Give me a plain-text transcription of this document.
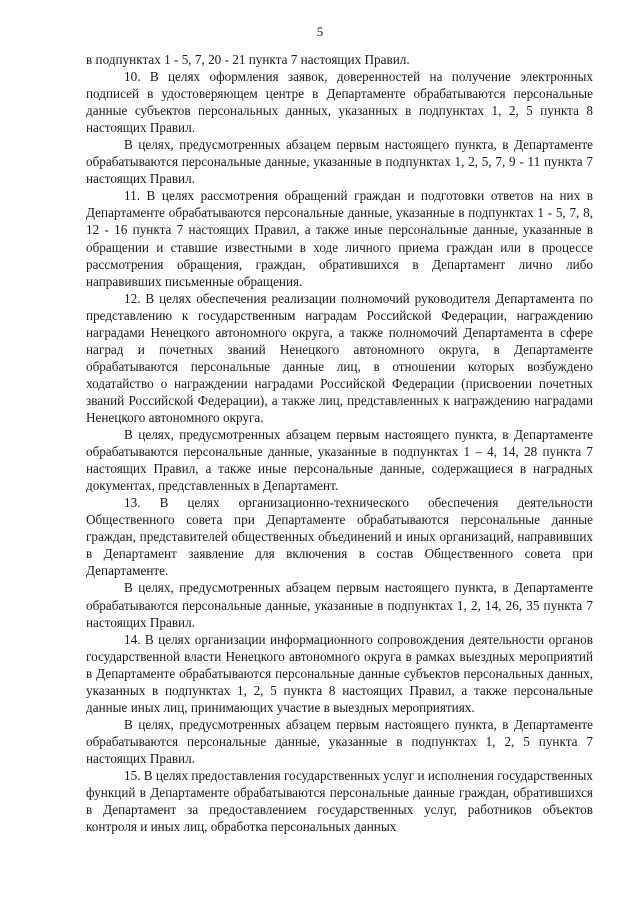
5

в подпунктах 1 - 5, 7, 20 - 21 пункта 7 настоящих Правил.

10. В целях оформления заявок, доверенностей на получение электронных подписей в удостоверяющем центре в Департаменте обрабатываются персональные данные субъектов персональных данных, указанных в подпунктах 1, 2, 5 пункта 8 настоящих Правил.

В целях, предусмотренных абзацем первым настоящего пункта, в Департаменте обрабатываются персональные данные, указанные в подпунктах 1, 2, 5, 7, 9 - 11 пункта 7 настоящих Правил.

11. В целях рассмотрения обращений граждан и подготовки ответов на них в Департаменте обрабатываются персональные данные, указанные в подпунктах 1 - 5, 7, 8, 12 - 16 пункта 7 настоящих Правил, а также иные персональные данные, указанные в обращении и ставшие известными в ходе личного приема граждан или в процессе рассмотрения обращения, граждан, обратившихся в Департамент лично либо направивших письменные обращения.

12. В целях обеспечения реализации полномочий руководителя Департамента по представлению к государственным наградам Российской Федерации, награждению наградами Ненецкого автономного округа, а также полномочий Департамента в сфере наград и почетных званий Ненецкого автономного округа, в Департаменте обрабатываются персональные данные лиц, в отношении которых возбуждено ходатайство о награждении наградами Российской Федерации (присвоении почетных званий Российской Федерации), а также лиц, представленных к награждению наградами Ненецкого автономного округа.

В целях, предусмотренных абзацем первым настоящего пункта, в Департаменте обрабатываются персональные данные, указанные в подпунктах 1 – 4, 14, 28 пункта 7 настоящих Правил, а также иные персональные данные, содержащиеся в наградных документах, представленных в Департамент.

13. В целях организационно-технического обеспечения деятельности Общественного совета при Департаменте обрабатываются персональные данные граждан, представителей общественных объединений и иных организаций, направивших в Департамент заявление для включения в состав Общественного совета при Департаменте.

В целях, предусмотренных абзацем первым настоящего пункта, в Департаменте обрабатываются персональные данные, указанные в подпунктах 1, 2, 14, 26, 35 пункта 7 настоящих Правил.

14. В целях организации информационного сопровождения деятельности органов государственной власти Ненецкого автономного округа в рамках выездных мероприятий в Департаменте обрабатываются персональные данные субъектов персональных данных, указанных в подпунктах 1, 2, 5 пункта 8 настоящих Правил, а также персональные данные иных лиц, принимающих участие в выездных мероприятиях.

В целях, предусмотренных абзацем первым настоящего пункта, в Департаменте обрабатываются персональные данные, указанные в подпунктах 1, 2, 5 пункта 7 настоящих Правил.

15. В целях предоставления государственных услуг и исполнения государственных функций в Департаменте обрабатываются персональные данные граждан, обратившихся в Департамент за предоставлением государственных услуг, работников объектов контроля и иных лиц, обработка персональных данных
